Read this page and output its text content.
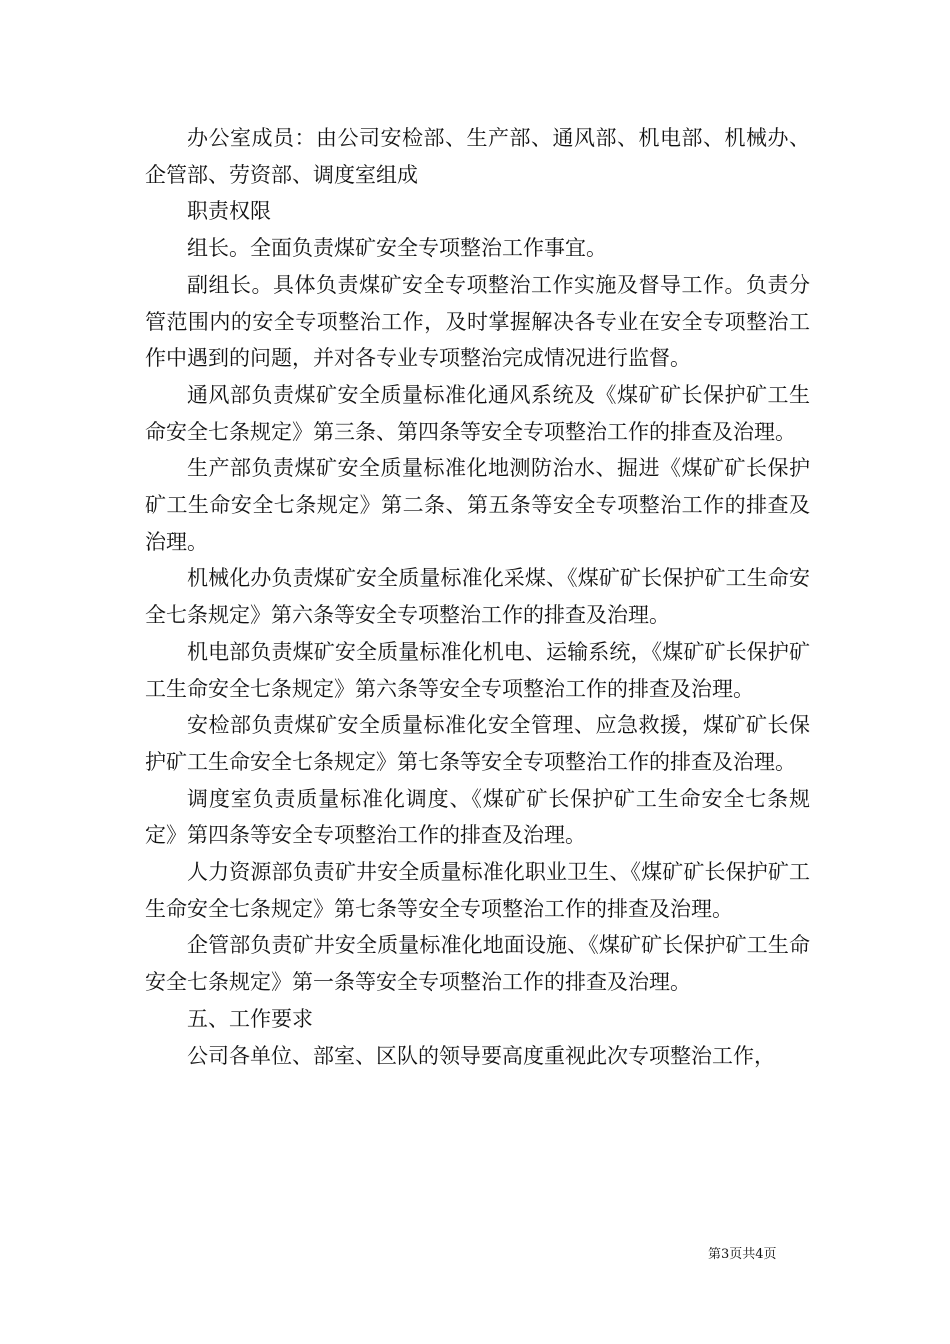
办公室成员：由公司安检部、生产部、通风部、机电部、机械办、企管部、劳资部、调度室组成

职责权限

组长。全面负责煤矿安全专项整治工作事宜。

副组长。具体负责煤矿安全专项整治工作实施及督导工作。负责分管范围内的安全专项整治工作，及时掌握解决各专业在安全专项整治工作中遇到的问题，并对各专业专项整治完成情况进行监督。

通风部负责煤矿安全质量标准化通风系统及《煤矿矿长保护矿工生命安全七条规定》第三条、第四条等安全专项整治工作的排查及治理。

生产部负责煤矿安全质量标准化地测防治水、掘进《煤矿矿长保护矿工生命安全七条规定》第二条、第五条等安全专项整治工作的排查及治理。

机械化办负责煤矿安全质量标准化采煤、《煤矿矿长保护矿工生命安全七条规定》第六条等安全专项整治工作的排查及治理。

机电部负责煤矿安全质量标准化机电、运输系统，《煤矿矿长保护矿工生命安全七条规定》第六条等安全专项整治工作的排查及治理。

安检部负责煤矿安全质量标准化安全管理、应急救援，煤矿矿长保护矿工生命安全七条规定》第七条等安全专项整治工作的排查及治理。

调度室负责质量标准化调度、《煤矿矿长保护矿工生命安全七条规定》第四条等安全专项整治工作的排查及治理。

人力资源部负责矿井安全质量标准化职业卫生、《煤矿矿长保护矿工生命安全七条规定》第七条等安全专项整治工作的排查及治理。

企管部负责矿井安全质量标准化地面设施、《煤矿矿长保护矿工生命安全七条规定》第一条等安全专项整治工作的排查及治理。

五、工作要求

公司各单位、部室、区队的领导要高度重视此次专项整治工作，

第3页共4页
